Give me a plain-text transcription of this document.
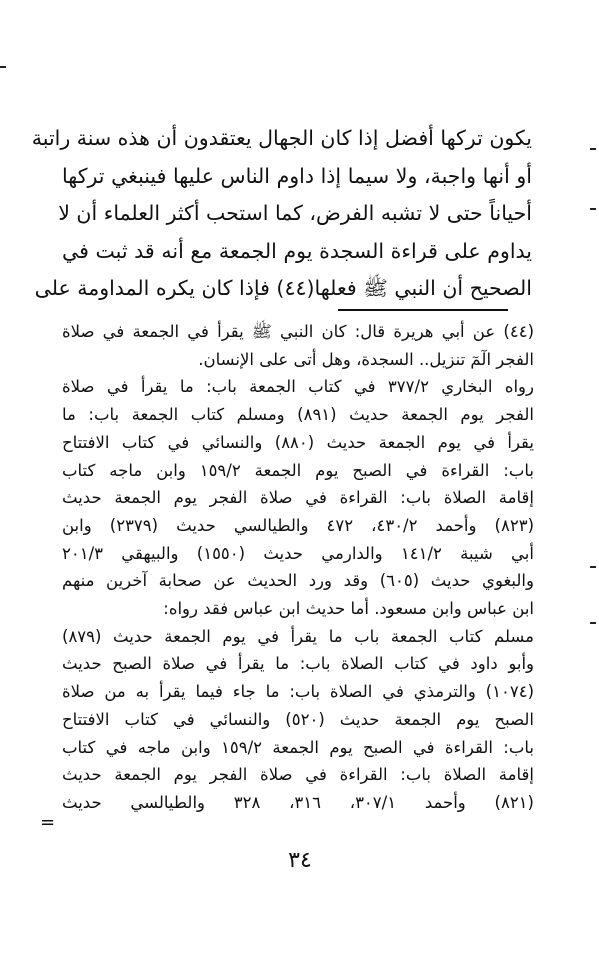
يكون تركها أفضل إذا كان الجهال يعتقدون أن هذه سنة راتبة
أو أنها واجبة، ولا سيما إذا داوم الناس عليها فينبغي تركها
أحياناً حتى لا تشبه الفرض، كما استحب أكثر العلماء أن لا
يداوم على قراءة السجدة يوم الجمعة مع أنه قد ثبت في
الصحيح أن النبي ﷺ فعلها(٤٤) فإذا كان يكره المداومة على
(٤٤) عن أبي هريرة قال: كان النبي ﷺ يقرأ في الجمعة في صلاة
الفجر الٓمٓ تنزيل.. السجدة، وهل أتى على الإنسان.
رواه البخاري ٣٧٧/٢ في كتاب الجمعة باب: ما يقرأ في صلاة
الفجر يوم الجمعة حديث (٨٩١) ومسلم كتاب الجمعة باب: ما
يقرأ في يوم الجمعة حديث (٨٨٠) والنسائي في كتاب الافتتاح
باب: القراءة في الصبح يوم الجمعة ١٥٩/٢ وابن ماجه كتاب
إقامة الصلاة باب: القراءة في صلاة الفجر يوم الجمعة حديث
(٨٢٣) وأحمد ٤٣٠/٢، ٤٧٢ والطيالسي حديث (٢٣٧٩) وابن
أبي شيبة ١٤١/٢ والدارمي حديث (١٥٥٠) والبيهقي ٢٠١/٣
والبغوي حديث (٦٠٥) وقد ورد الحديث عن صحابة آخرين منهم
ابن عباس وابن مسعود. أما حديث ابن عباس فقد رواه:
مسلم كتاب الجمعة باب ما يقرأ في يوم الجمعة حديث (٨٧٩)
وأبو داود في كتاب الصلاة باب: ما يقرأ في صلاة الصبح حديث
(١٠٧٤) والترمذي في الصلاة باب: ما جاء فيما يقرأ به من صلاة
الصبح يوم الجمعة حديث (٥٢٠) والنسائي في كتاب الافتتاح
باب: القراءة في الصبح يوم الجمعة ١٥٩/٢ وابن ماجه في كتاب
إقامة الصلاة باب: القراءة في صلاة الفجر يوم الجمعة حديث
(٨٢١) وأحمد ٣٠٧/١، ٣١٦، ٣٢٨ والطيالسي حديث
=
٣٤
